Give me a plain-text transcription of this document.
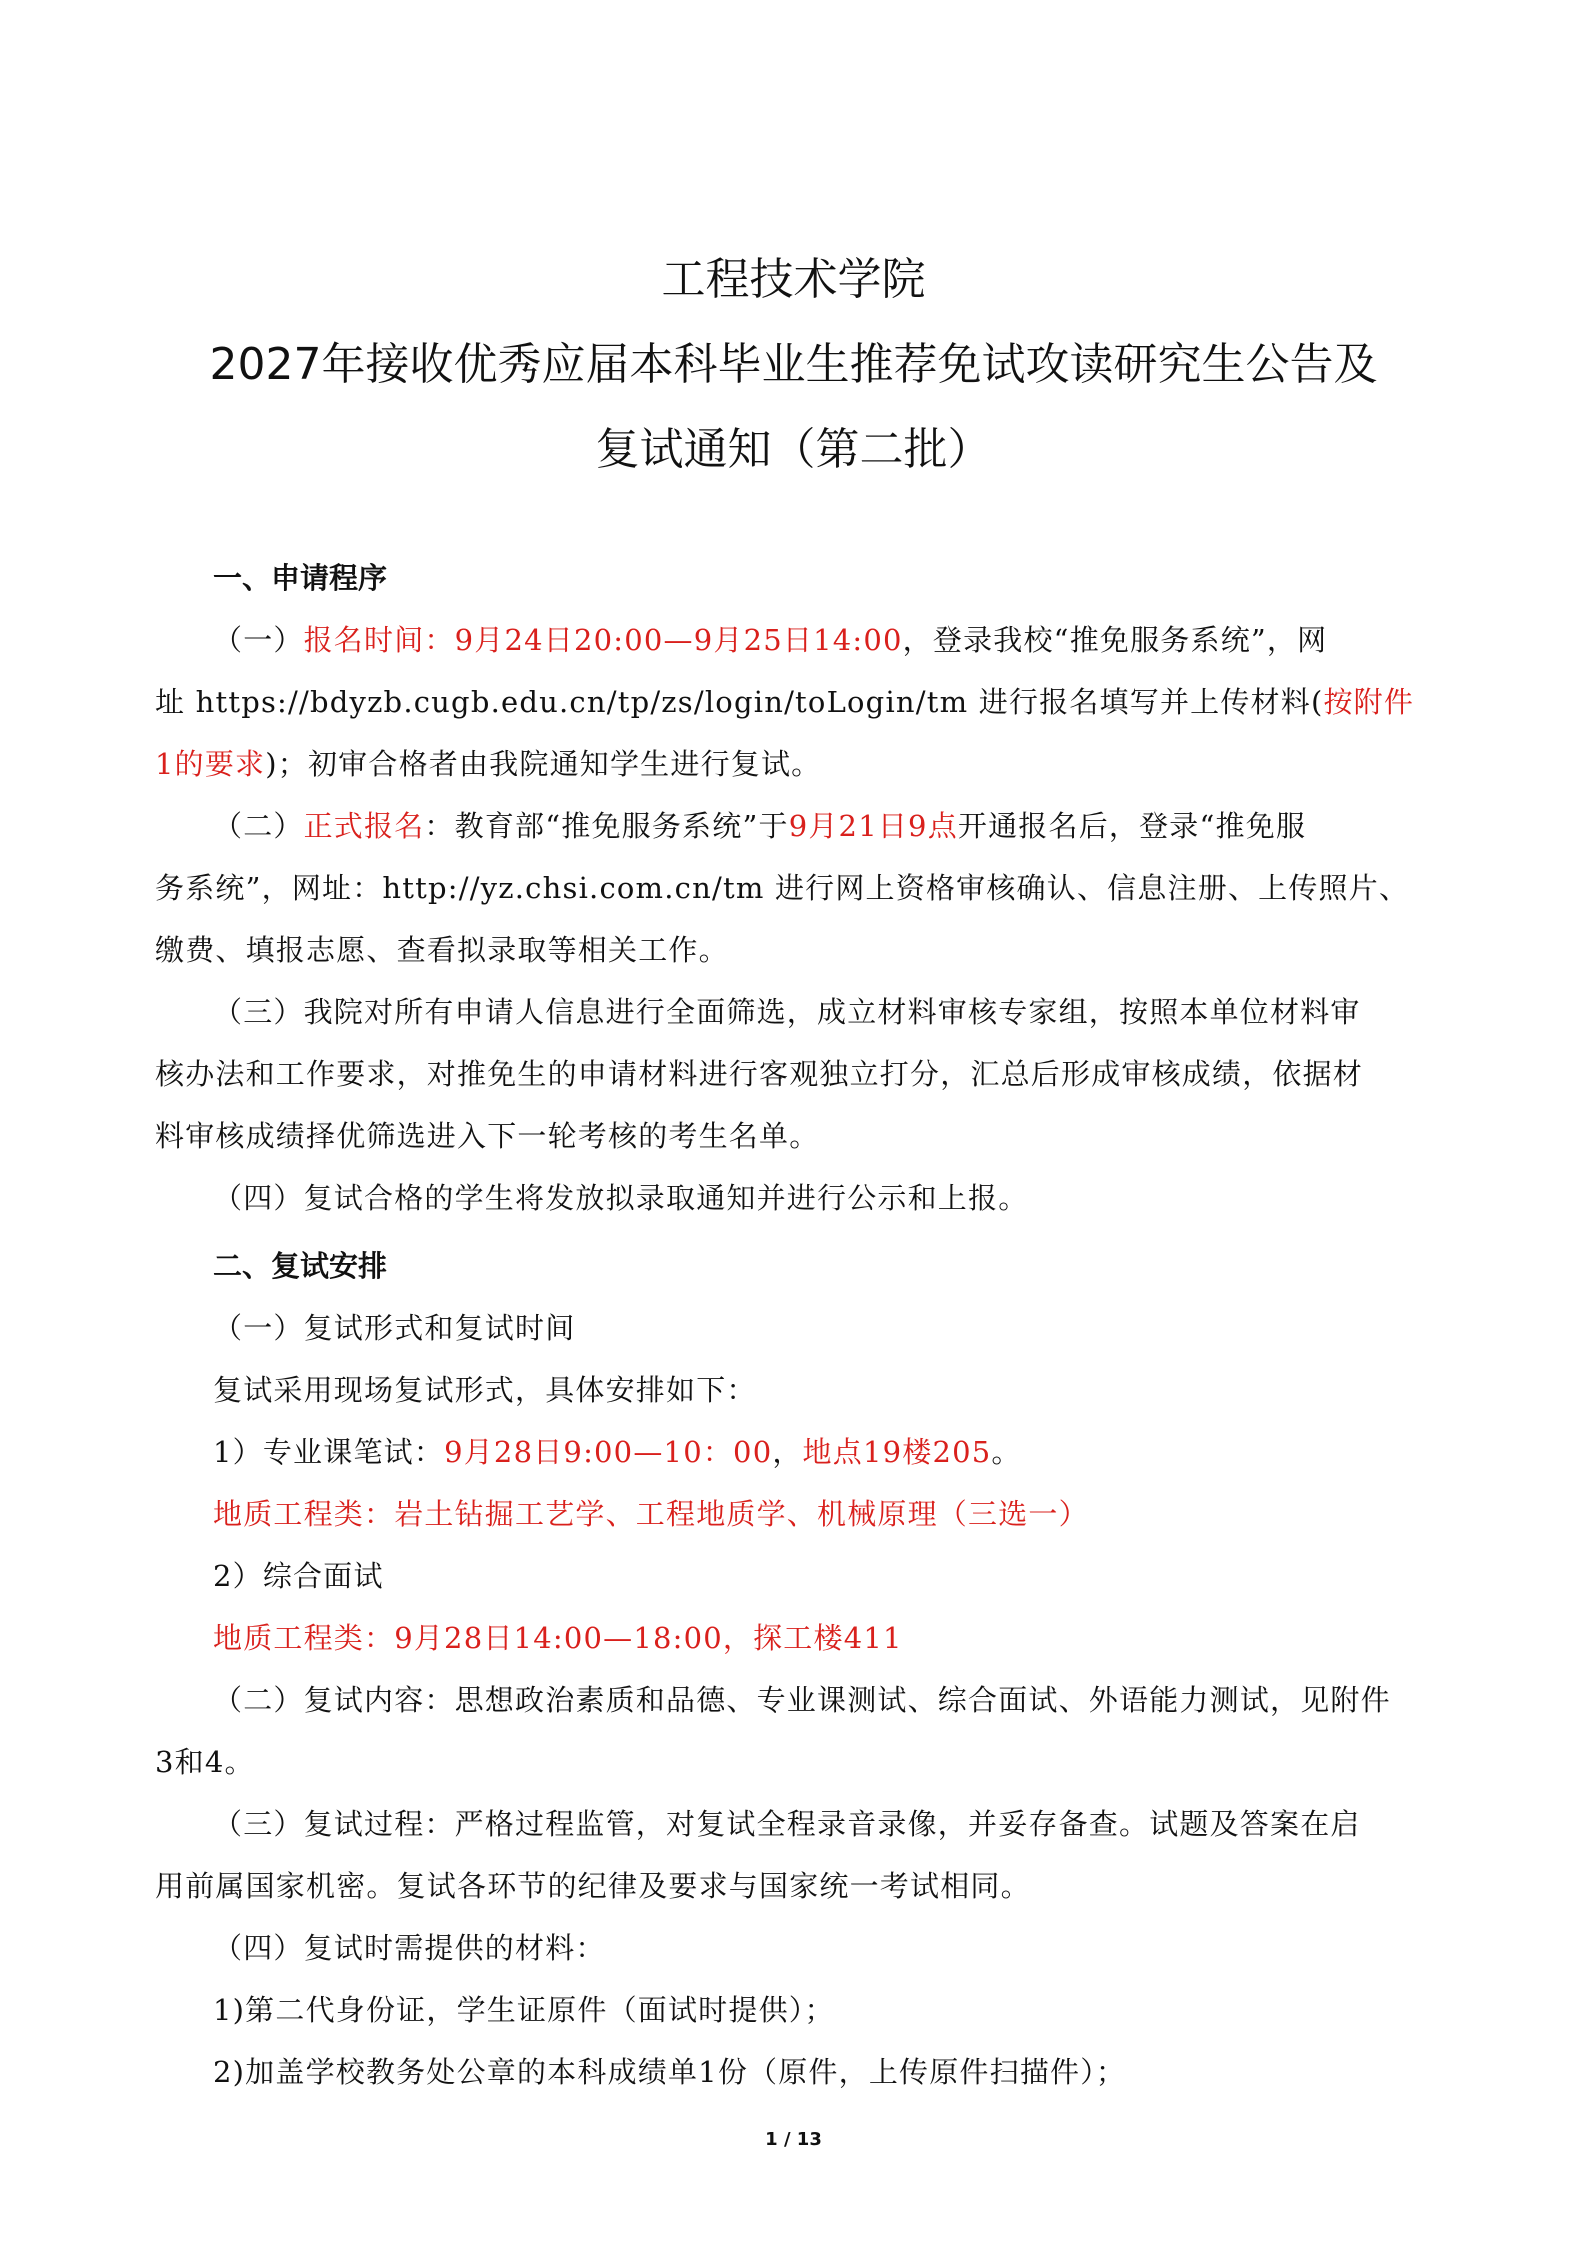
工程技术学院
2027年接收优秀应届本科毕业生推荐免试攻读研究生公告及
复试通知（第二批）
一、申请程序
（一）报名时间：9月24日20:00—9月25日14:00，登录我校“推免服务系统”，网
址 https://bdyzb.cugb.edu.cn/tp/zs/login/toLogin/tm 进行报名填写并上传材料(按附件
1的要求)；初审合格者由我院通知学生进行复试。
（二）正式报名：教育部“推免服务系统”于9月21日9点开通报名后，登录“推免服
务系统”，网址：http://yz.chsi.com.cn/tm 进行网上资格审核确认、信息注册、上传照片、
缴费、填报志愿、查看拟录取等相关工作。
（三）我院对所有申请人信息进行全面筛选，成立材料审核专家组，按照本单位材料审
核办法和工作要求，对推免生的申请材料进行客观独立打分，汇总后形成审核成绩，依据材
料审核成绩择优筛选进入下一轮考核的考生名单。
（四）复试合格的学生将发放拟录取通知并进行公示和上报。
二、复试安排
（一）复试形式和复试时间
复试采用现场复试形式，具体安排如下：
1）专业课笔试：9月28日9:00—10：00，地点19楼205。
地质工程类：岩土钻掘工艺学、工程地质学、机械原理（三选一）
2）综合面试
地质工程类：9月28日14:00—18:00，探工楼411
（二）复试内容：思想政治素质和品德、专业课测试、综合面试、外语能力测试，见附件
3和4。
（三）复试过程：严格过程监管，对复试全程录音录像，并妥存备查。试题及答案在启
用前属国家机密。复试各环节的纪律及要求与国家统一考试相同。
（四）复试时需提供的材料：
1)第二代身份证，学生证原件（面试时提供）；
2)加盖学校教务处公章的本科成绩单1份（原件，上传原件扫描件）；
1 / 13
